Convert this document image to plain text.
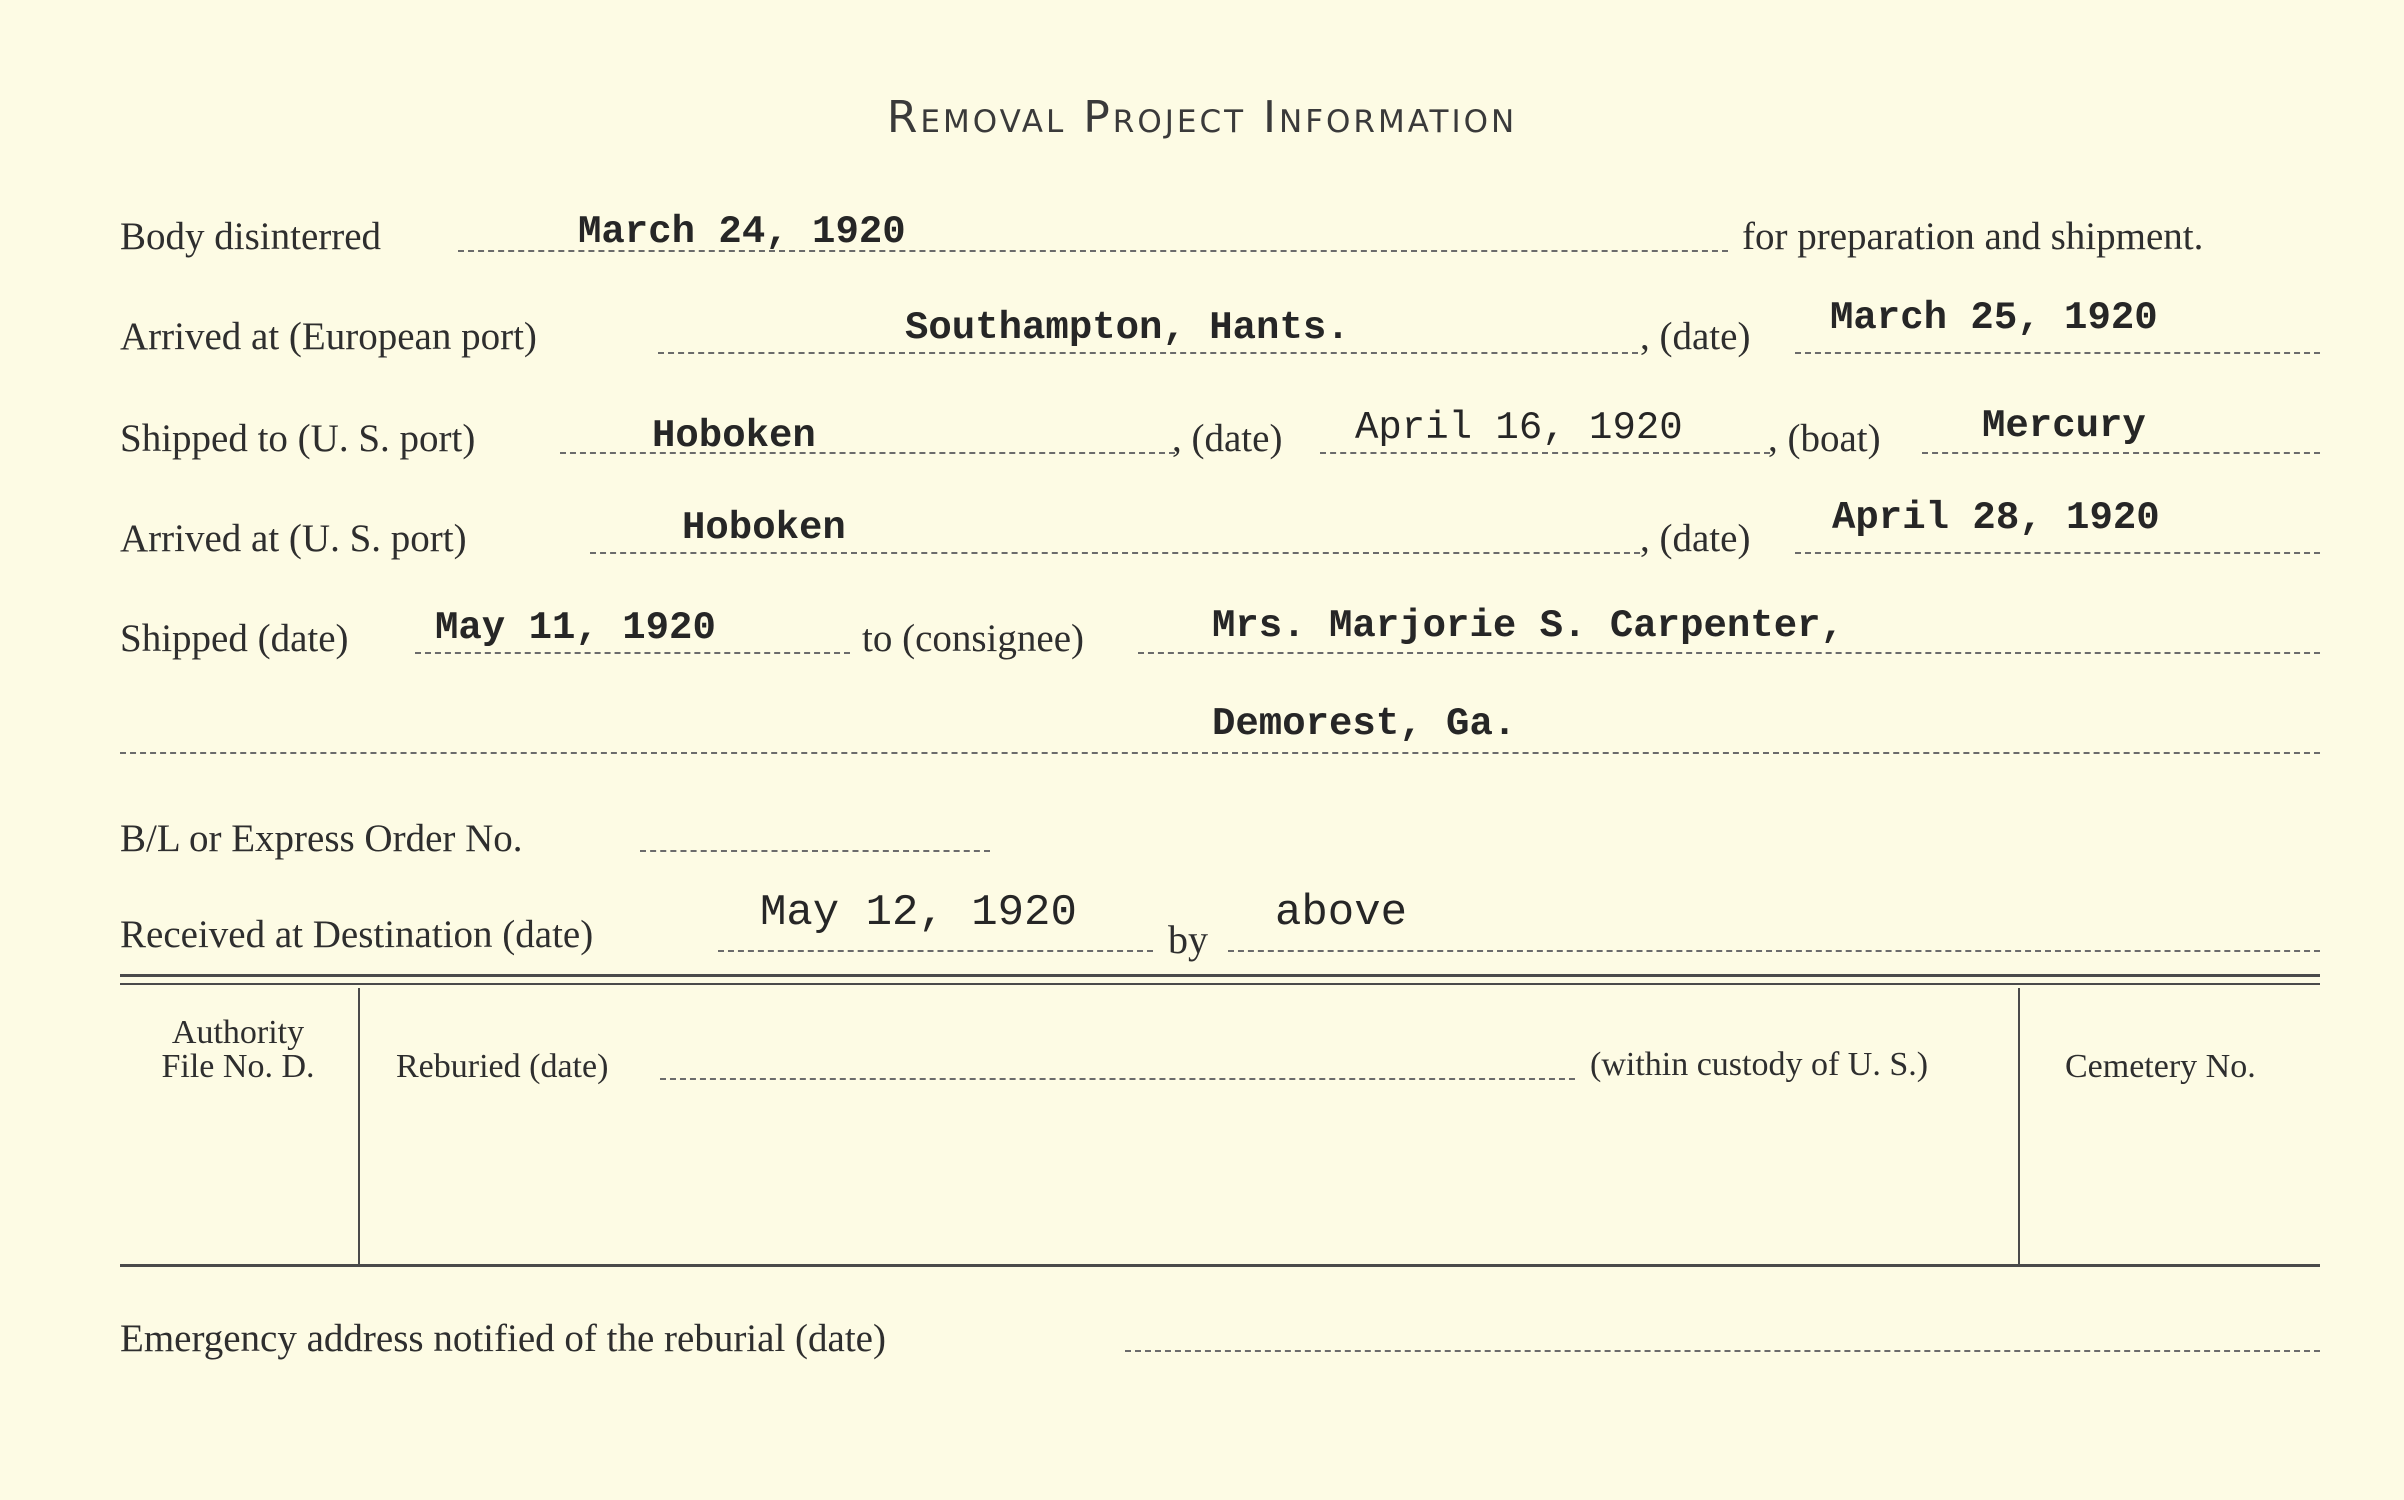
Removal Project Information
Body disinterred	March 24, 1920	for preparation and shipment.
Arrived at (European port)	Southampton, Hants.	, (date) March 25, 1920
Shipped to (U. S. port)	Hoboken	, (date) April 16, 1920 , (boat)	Mercury
Arrived at (U. S. port)	Hoboken	, (date) April 28, 1920
Shipped (date) May 11, 1920	to (consignee)	Mrs. Marjorie S. Carpenter,
Demorest, Ga.
B/L or Express Order No.
Received at Destination (date)	May 12, 1920
by
above
Authority
File No. D.	Reburied (date)	(within custody of U. S.)	Cemetery No.
Emergency address notified of the reburial (date)
